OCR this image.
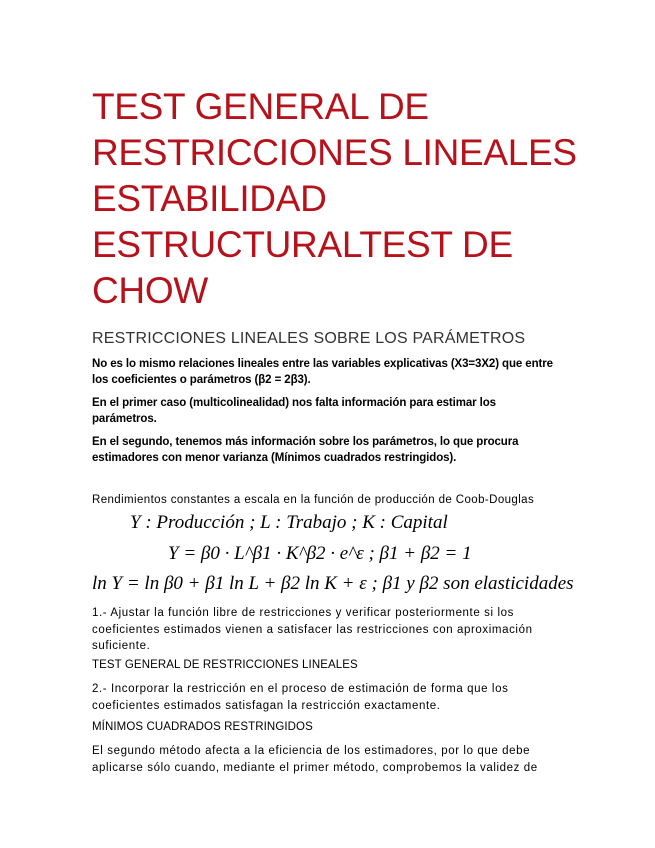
TEST GENERAL DE
RESTRICCIONES LINEALES
ESTABILIDAD
ESTRUCTURALTEST DE
CHOW
RESTRICCIONES LINEALES SOBRE LOS PARÁMETROS
No es lo mismo relaciones lineales entre las variables explicativas (X3=3X2) que entre los coeficientes o parámetros (β2 = 2β3).
En el primer caso (multicolinealidad) nos falta información para estimar los parámetros.
En el segundo, tenemos más información sobre los parámetros, lo que procura estimadores con menor varianza (Mínimos cuadrados restringidos).
Rendimientos constantes a escala en la función de producción de Coob-Douglas
Y : Producción ; L : Trabajo ; K : Capital
Y = β0 · L^β1 · K^β2 · e^ε ; β1 + β2 = 1
ln Y = ln β0 + β1 ln L + β2 ln K + ε ; β1 y β2 son elasticidades
1.- Ajustar la función libre de restricciones y verificar posteriormente si los coeficientes estimados vienen a satisfacer las restricciones con aproximación suficiente.
TEST GENERAL DE RESTRICCIONES LINEALES
2.- Incorporar la restricción en el proceso de estimación de forma que los coeficientes estimados satisfagan la restricción exactamente.
MÍNIMOS CUADRADOS RESTRINGIDOS
El segundo método afecta a la eficiencia de los estimadores, por lo que debe aplicarse sólo cuando, mediante el primer método, comprobemos la validez de
